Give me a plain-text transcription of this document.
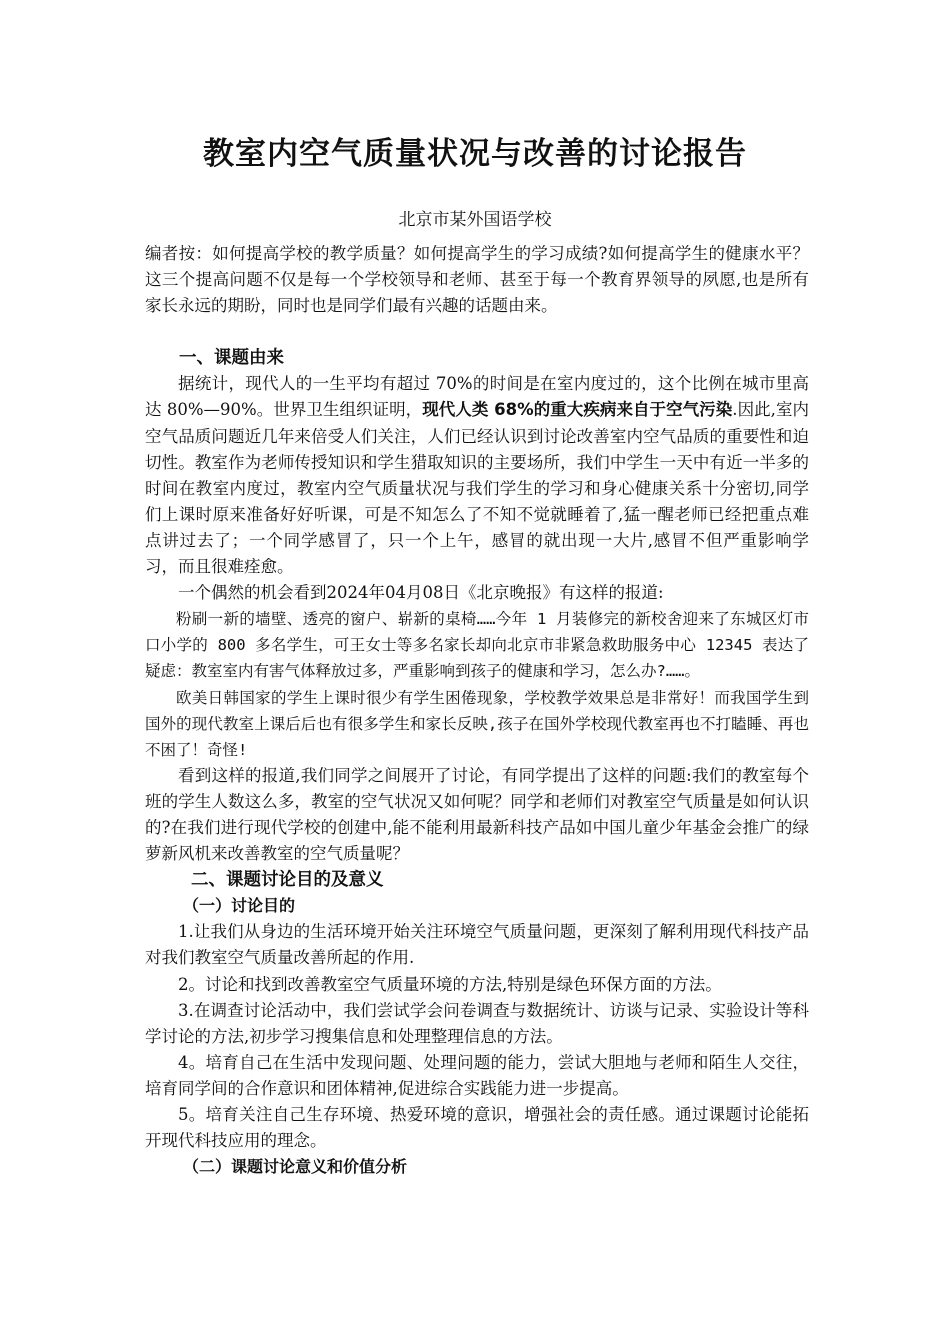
教室内空气质量状况与改善的讨论报告

北京市某外国语学校

编者按：如何提高学校的教学质量？如何提高学生的学习成绩?如何提高学生的健康水平？这三个提高问题不仅是每一个学校领导和老师、甚至于每一个教育界领导的夙愿,也是所有家长永远的期盼，同时也是同学们最有兴趣的话题由来。

一、课题由来

据统计，现代人的一生平均有超过 70%的时间是在室内度过的，这个比例在城市里高达 80%—90%。世界卫生组织证明，现代人类 68%的重大疾病来自于空气污染.因此,室内空气品质问题近几年来倍受人们关注，人们已经认识到讨论改善室内空气品质的重要性和迫切性。教室作为老师传授知识和学生猎取知识的主要场所，我们中学生一天中有近一半多的时间在教室内度过，教室内空气质量状况与我们学生的学习和身心健康关系十分密切,同学们上课时原来准备好好听课，可是不知怎么了不知不觉就睡着了,猛一醒老师已经把重点难点讲过去了；一个同学感冒了，只一个上午，感冒的就出现一大片,感冒不但严重影响学习，而且很难痊愈。

一个偶然的机会看到2024年04月08日《北京晚报》有这样的报道:

粉刷一新的墙壁、透亮的窗户、崭新的桌椅……今年 1 月装修完的新校舍迎来了东城区灯市口小学的 800 多名学生，可王女士等多名家长却向北京市非紧急救助服务中心 12345 表达了疑虑：教室室内有害气体释放过多，严重影响到孩子的健康和学习，怎么办?……。

欧美日韩国家的学生上课时很少有学生困倦现象，学校教学效果总是非常好！而我国学生到国外的现代教室上课后后也有很多学生和家长反映,孩子在国外学校现代教室再也不打瞌睡、再也不困了！奇怪!

看到这样的报道,我们同学之间展开了讨论，有同学提出了这样的问题:我们的教室每个班的学生人数这么多，教室的空气状况又如何呢？同学和老师们对教室空气质量是如何认识的?在我们进行现代学校的创建中,能不能利用最新科技产品如中国儿童少年基金会推广的绿萝新风机来改善教室的空气质量呢？

二、课题讨论目的及意义

（一）讨论目的

1.让我们从身边的生活环境开始关注环境空气质量问题，更深刻了解利用现代科技产品对我们教室空气质量改善所起的作用.

2。讨论和找到改善教室空气质量环境的方法,特别是绿色环保方面的方法。

3.在调查讨论活动中，我们尝试学会问卷调查与数据统计、访谈与记录、实验设计等科学讨论的方法,初步学习搜集信息和处理整理信息的方法。

4。培育自己在生活中发现问题、处理问题的能力，尝试大胆地与老师和陌生人交往，培育同学间的合作意识和团体精神,促进综合实践能力进一步提高。

5。培育关注自己生存环境、热爱环境的意识，增强社会的责任感。通过课题讨论能拓开现代科技应用的理念。

（二）课题讨论意义和价值分析
